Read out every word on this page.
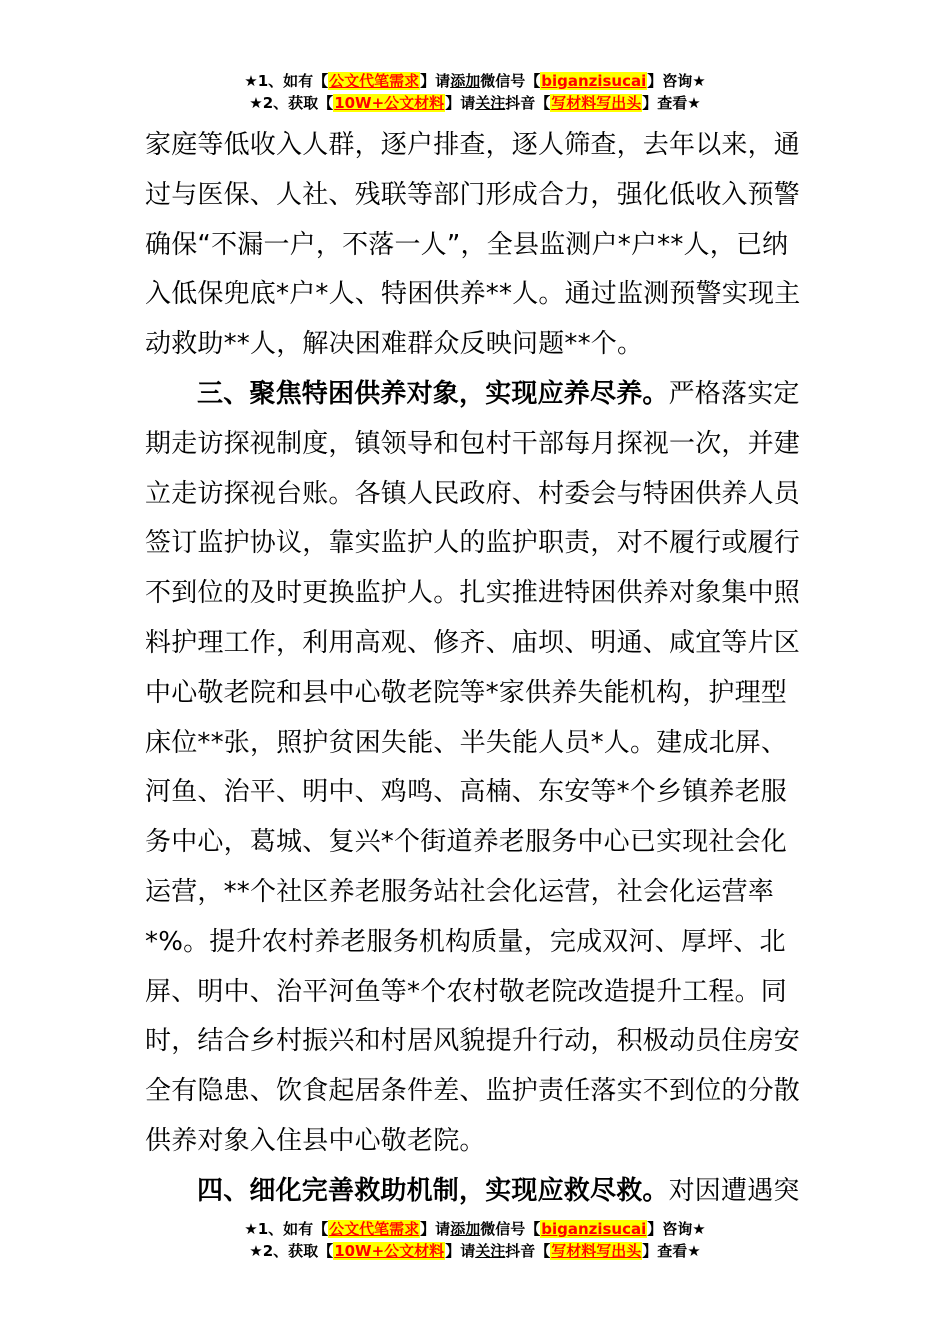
★1、如有【公文代笔需求】请添加微信号【biganzisucai】咨询★
★2、获取【10W+公文材料】请关注抖音【写材料写出头】查看★

家庭等低收入人群，逐户排查，逐人筛查，去年以来，通过与医保、人社、残联等部门形成合力，强化低收入预警确保“不漏一户，不落一人”，全县监测户*户**人，已纳入低保兜底*户*人、特困供养**人。通过监测预警实现主动救助**人，解决困难群众反映问题**个。

三、聚焦特困供养对象，实现应养尽养。严格落实定期走访探视制度，镇领导和包村干部每月探视一次，并建立走访探视台账。各镇人民政府、村委会与特困供养人员签订监护协议，靠实监护人的监护职责，对不履行或履行不到位的及时更换监护人。扎实推进特困供养对象集中照料护理工作，利用高观、修齐、庙坝、明通、咸宜等片区中心敬老院和县中心敬老院等*家供养失能机构，护理型床位**张，照护贫困失能、半失能人员*人。建成北屏、河鱼、治平、明中、鸡鸣、高楠、东安等*个乡镇养老服务中心，葛城、复兴*个街道养老服务中心已实现社会化运营，**个社区养老服务站社会化运营，社会化运营率*%。提升农村养老服务机构质量，完成双河、厚坪、北屏、明中、治平河鱼等*个农村敬老院改造提升工程。同时，结合乡村振兴和村居风貌提升行动，积极动员住房安全有隐患、饮食起居条件差、监护责任落实不到位的分散供养对象入住县中心敬老院。

四、细化完善救助机制，实现应救尽救。对因遭遇突

★1、如有【公文代笔需求】请添加微信号【biganzisucai】咨询★
★2、获取【10W+公文材料】请关注抖音【写材料写出头】查看★
